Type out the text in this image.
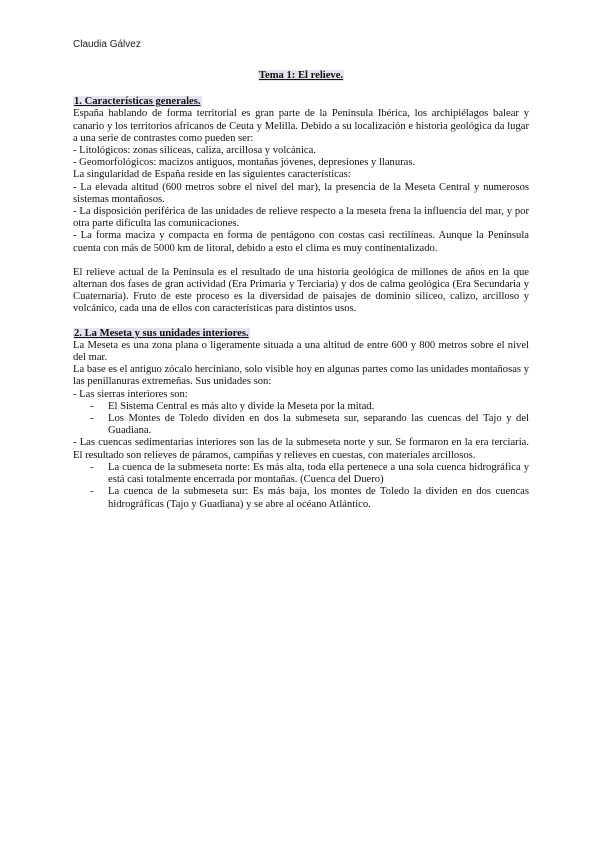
Claudia Gálvez

Tema 1: El relieve.

1. Características generales.

España hablando de forma territorial es gran parte de la Península Ibérica, los archipiélagos balear y canario y los territorios africanos de Ceuta y Melilla. Debido a su localización e historia geológica da lugar a una serie de contrastes como pueden ser:

- Litológicos: zonas silíceas, caliza, arcillosa y volcánica.

- Geomorfológicos: macizos antiguos, montañas jóvenes, depresiones y llanuras.

La singularidad de España reside en las siguientes características:

- La elevada altitud (600 metros sobre el nivel del mar), la presencia de la Meseta Central y numerosos sistemas montañosos.

- La disposición periférica de las unidades de relieve respecto a la meseta frena la influencia del mar, y por otra parte dificulta las comunicaciones.

- La forma maciza y compacta en forma de pentágono con costas casi rectilíneas. Aunque la Península cuenta con más de 5000 km de litoral, debido a esto el clima es muy continentalizado.

El relieve actual de la Península es el resultado de una historia geológica de millones de años en la que alternan dos fases de gran actividad (Era Primaria y Terciaria) y dos de calma geológica (Era Secundaria y Cuaternaria). Fruto de este proceso es la diversidad de paisajes de dominio silíceo, calizo, arcilloso y volcánico, cada una de ellos con características para distintos usos.

2. La Meseta y sus unidades interiores.

La Meseta es una zona plana o ligeramente situada a una altitud de entre 600 y 800 metros sobre el nivel del mar.

La base es el antiguo zócalo herciniano, solo visible hoy en algunas partes como las unidades montañosas y las penillanuras extremeñas. Sus unidades son:

- Las sierras interiores son:

- El Sistema Central es más alto y divide la Meseta por la mitad.
- Los Montes de Toledo dividen en dos la submeseta sur, separando las cuencas del Tajo y del Guadiana.

- Las cuencas sedimentarias interiores son las de la submeseta norte y sur. Se formaron en la era terciaria. El resultado son relieves de páramos, campiñas y relieves en cuestas, con materiales arcillosos.

- La cuenca de la submeseta norte: Es más alta, toda ella pertenece a una sola cuenca hidrográfica y está casi totalmente encerrada por montañas. (Cuenca del Duero)
- La cuenca de la submeseta sur: Es más baja, los montes de Toledo la dividen en dos cuencas hidrográficas (Tajo y Guadiana) y se abre al océano Atlántico.
